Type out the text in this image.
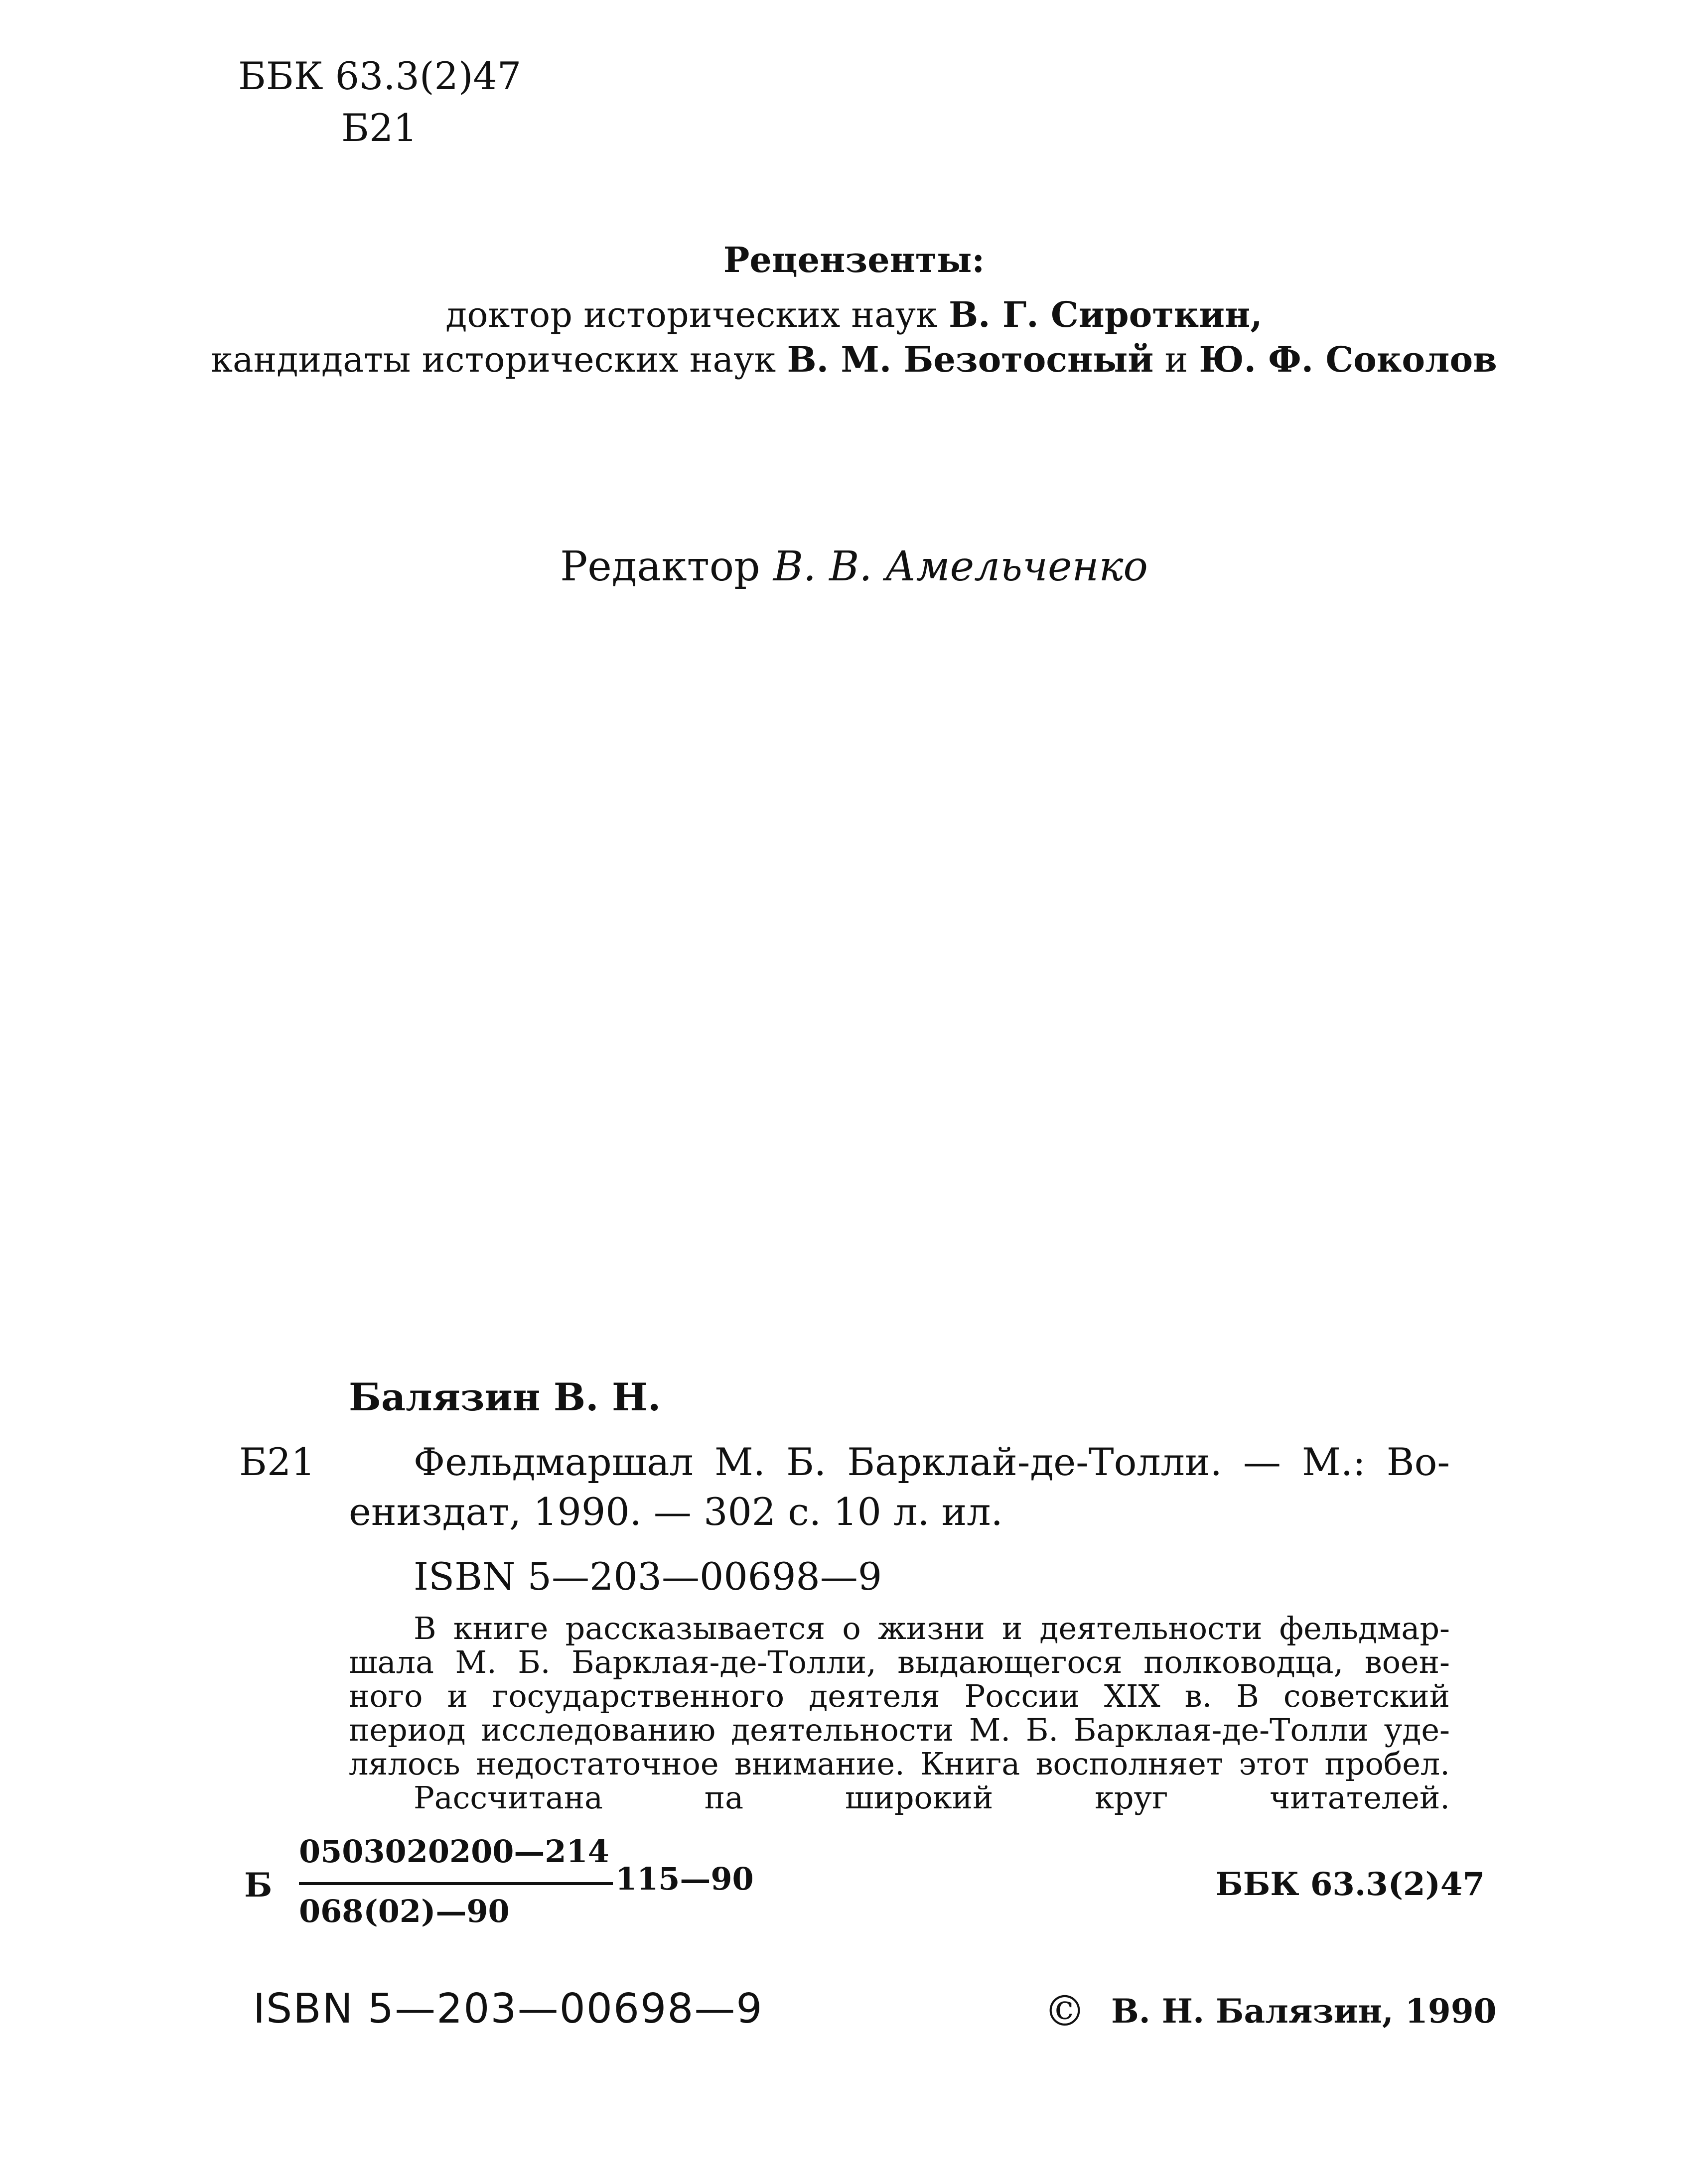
ББК 63.3(2)47
Б21
Рецензенты:
доктор исторических наук В. Г. Сироткин,
кандидаты исторических наук В. М. Безотосный и Ю. Ф. Соколов
Редактор В. В. Амельченко
Балязин В. Н.
Б21	Фельдмаршал М. Б. Барклай-де-Толли. — М.: Во-
ениздат, 1990. — 302 с. 10 л. ил.
ISBN 5—203—00698—9
В книге рассказывается о жизни и деятельности фельдмар-
шала М. Б. Барклая-де-Толли, выдающегося полководца, воен-
ного и государственного деятеля России XIX в. В советский
период исследованию деятельности М. Б. Барклая-де-Толли уде-
лялось недостаточное внимание. Книга восполняет этот пробел.
Рассчитана па широкий круг читателей.
Б
0503020200—214
068(02)—90
115—90	ББК 63.3(2)47
ISBN 5—203—00698—9	© В. Н. Балязин, 1990
